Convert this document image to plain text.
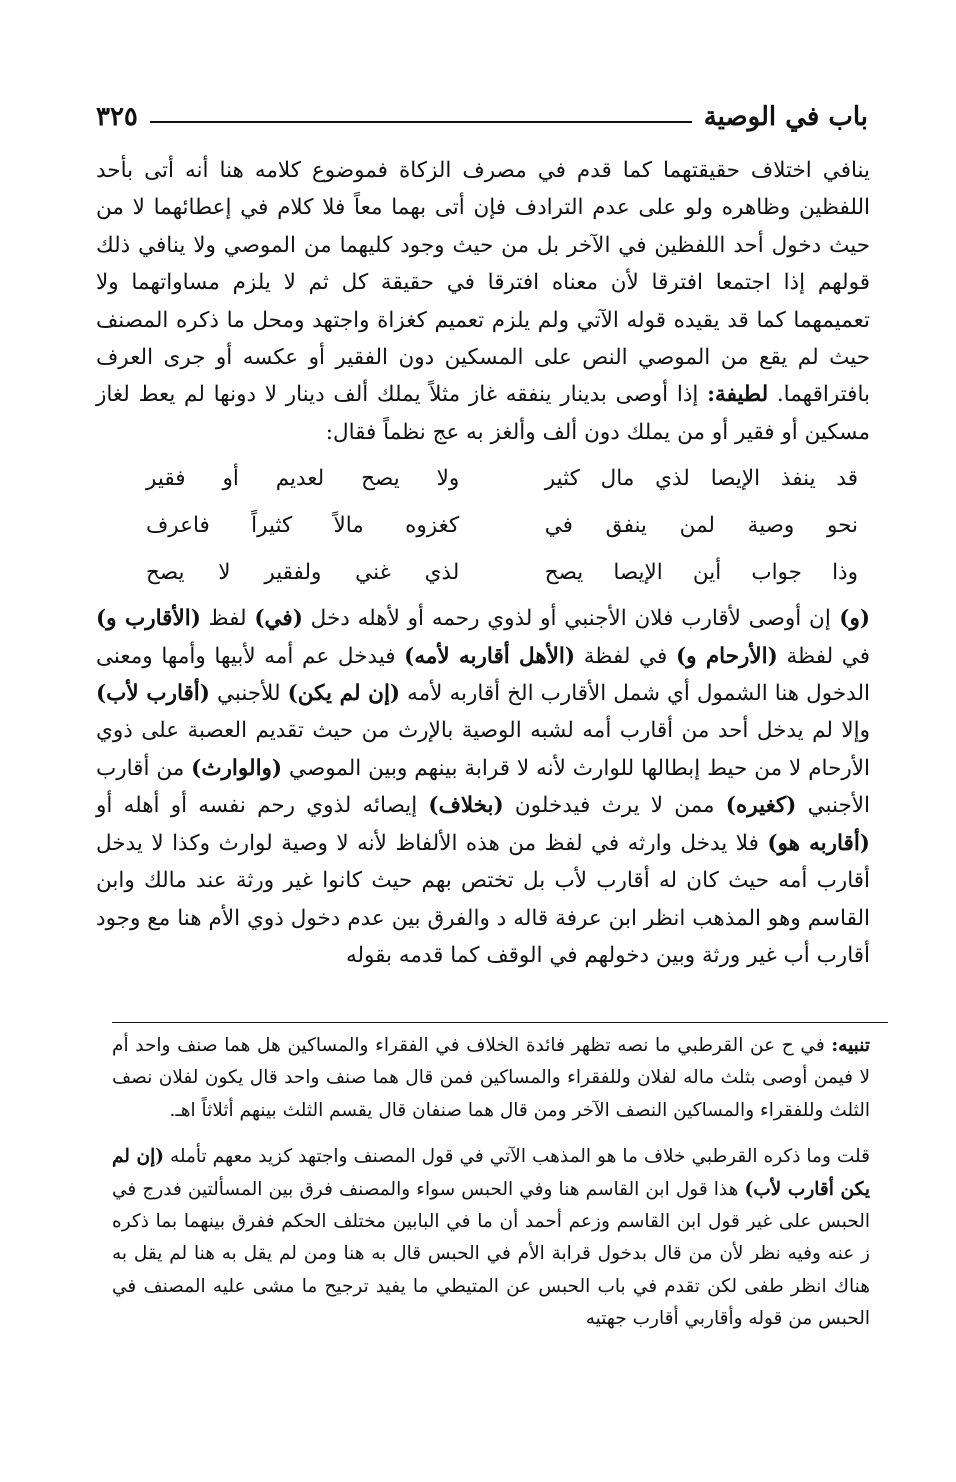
باب في الوصية
٣٢٥

ينافي اختلاف حقيقتهما كما قدم في مصرف الزكاة فموضوع كلامه هنا أنه أتى بأحد اللفظين وظاهره ولو على عدم الترادف فإن أتى بهما معاً فلا كلام في إعطائهما لا من حيث دخول أحد اللفظين في الآخر بل من حيث وجود كليهما من الموصي ولا ينافي ذلك قولهم إذا اجتمعا افترقا لأن معناه افترقا في حقيقة كل ثم لا يلزم مساواتهما ولا تعميمهما كما قد يقيده قوله الآتي ولم يلزم تعميم كغزاة واجتهد ومحل ما ذكره المصنف حيث لم يقع من الموصي النص على المسكين دون الفقير أو عكسه أو جرى العرف بافتراقهما. لطيفة: إذا أوصى بدينار ينفقه غاز مثلاً يملك ألف دينار لا دونها لم يعط لغاز مسكين أو فقير أو من يملك دون ألف وألغز به عج نظماً فقال:

قد ينفذ الإيصا لذي مال كثير
ولا يصح لعديم أو فقير
نحو وصية لمن ينفق في
كغزوه مالاً كثيراً فاعرف
وذا جواب أين الإيصا يصح
لذي غني ولفقير لا يصح

(و) إن أوصى لأقارب فلان الأجنبي أو لذوي رحمه أو لأهله دخل (في) لفظ (الأقارب و) في لفظة (الأرحام و) في لفظة (الأهل أقاربه لأمه) فيدخل عم أمه لأبيها وأمها ومعنى الدخول هنا الشمول أي شمل الأقارب الخ أقاربه لأمه (إن لم يكن) للأجنبي (أقارب لأب) وإلا لم يدخل أحد من أقارب أمه لشبه الوصية بالإرث من حيث تقديم العصبة على ذوي الأرحام لا من حيط إبطالها للوارث لأنه لا قرابة بينهم وبين الموصي (والوارث) من أقارب الأجنبي (كغيره) ممن لا يرث فيدخلون (بخلاف) إيصائه لذوي رحم نفسه أو أهله أو (أقاربه هو) فلا يدخل وارثه في لفظ من هذه الألفاظ لأنه لا وصية لوارث وكذا لا يدخل أقارب أمه حيث كان له أقارب لأب بل تختص بهم حيث كانوا غير ورثة عند مالك وابن القاسم وهو المذهب انظر ابن عرفة قاله د والفرق بين عدم دخول ذوي الأم هنا مع وجود أقارب أب غير ورثة وبين دخولهم في الوقف كما قدمه بقوله

تنبيه: في ح عن القرطبي ما نصه تظهر فائدة الخلاف في الفقراء والمساكين هل هما صنف واحد أم لا فيمن أوصى بثلث ماله لفلان وللفقراء والمساكين فمن قال هما صنف واحد قال يكون لفلان نصف الثلث وللفقراء والمساكين النصف الآخر ومن قال هما صنفان قال يقسم الثلث بينهم أثلاثاً اهـ.

قلت وما ذكره القرطبي خلاف ما هو المذهب الآتي في قول المصنف واجتهد كزيد معهم تأمله (إن لم يكن أقارب لأب) هذا قول ابن القاسم هنا وفي الحبس سواء والمصنف فرق بين المسألتين فدرج في الحبس على غير قول ابن القاسم وزعم أحمد أن ما في البابين مختلف الحكم ففرق بينهما بما ذكره ز عنه وفيه نظر لأن من قال بدخول قرابة الأم في الحبس قال به هنا ومن لم يقل به هنا لم يقل به هناك انظر طفى لكن تقدم في باب الحبس عن المتيطي ما يفيد ترجيح ما مشى عليه المصنف في الحبس من قوله وأقاربي أقارب جهتيه
